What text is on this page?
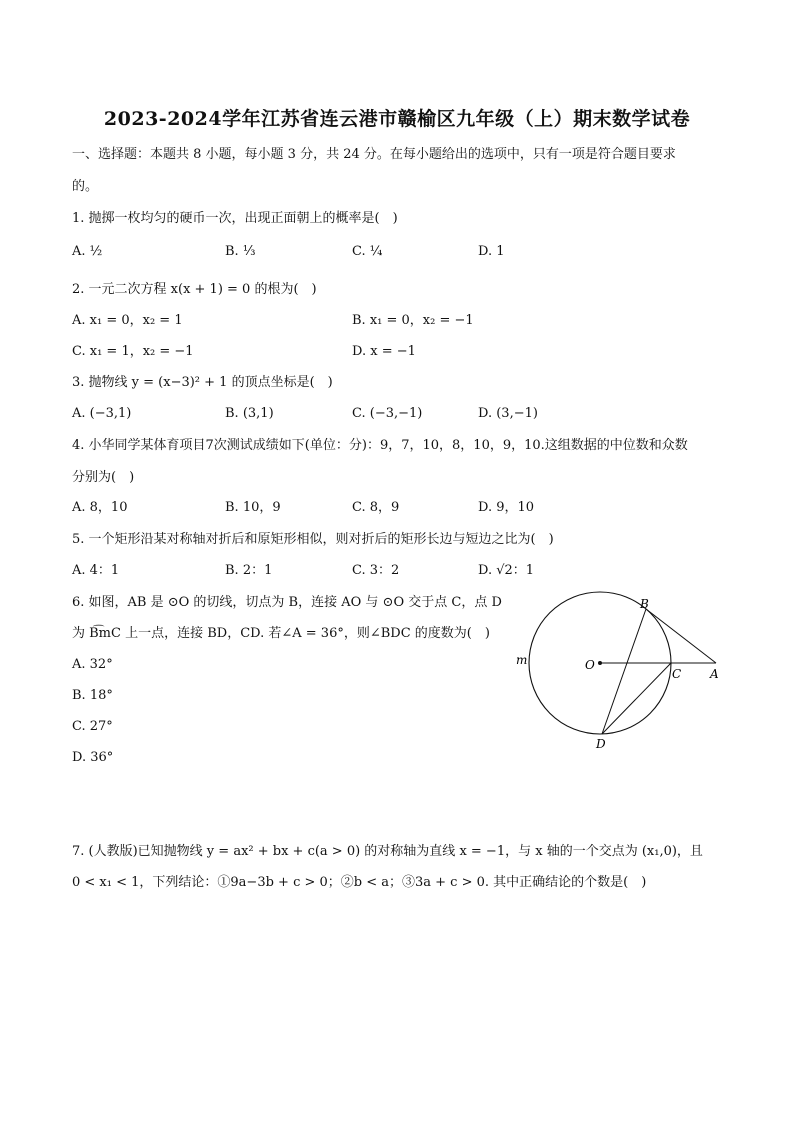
2023-2024学年江苏省连云港市赣榆区九年级（上）期末数学试卷
一、选择题：本题共 8 小题，每小题 3 分，共 24 分。在每小题给出的选项中，只有一项是符合题目要求
的。
1. 抛掷一枚均匀的硬币一次，出现正面朝上的概率是(　)
A. ½	B. ⅓	C. ¼	D. 1
2. 一元二次方程 x(x + 1) = 0 的根为(　)
A. x₁ = 0，x₂ = 1	B. x₁ = 0，x₂ = −1
C. x₁ = 1，x₂ = −1	D. x = −1
3. 抛物线 y = (x−3)² + 1 的顶点坐标是(　)
A. (−3,1)	B. (3,1)	C. (−3,−1)	D. (3,−1)
4. 小华同学某体育项目7次测试成绩如下(单位：分)：9，7，10，8，10，9，10.这组数据的中位数和众数
分别为(　)
A. 8，10	B. 10，9	C. 8，9	D. 9，10
5. 一个矩形沿某对称轴对折后和原矩形相似，则对折后的矩形长边与短边之比为(　)
A. 4：1	B. 2：1	C. 3：2	D. √2：1
6. 如图，AB 是 ⊙O 的切线，切点为 B，连接 AO 与 ⊙O 交于点 C，点 D
为 B͡mC 上一点，连接 BD，CD. 若∠A = 36°，则∠BDC 的度数为(　)
A. 32°
B. 18°
C. 27°
D. 36°
B
O
C A
D
m
7. (人教版)已知抛物线 y = ax² + bx + c(a > 0) 的对称轴为直线 x = −1，与 x 轴的一个交点为 (x₁,0)，且
0 < x₁ < 1，下列结论：①9a−3b + c > 0；②b < a；③3a + c > 0. 其中正确结论的个数是(　)
